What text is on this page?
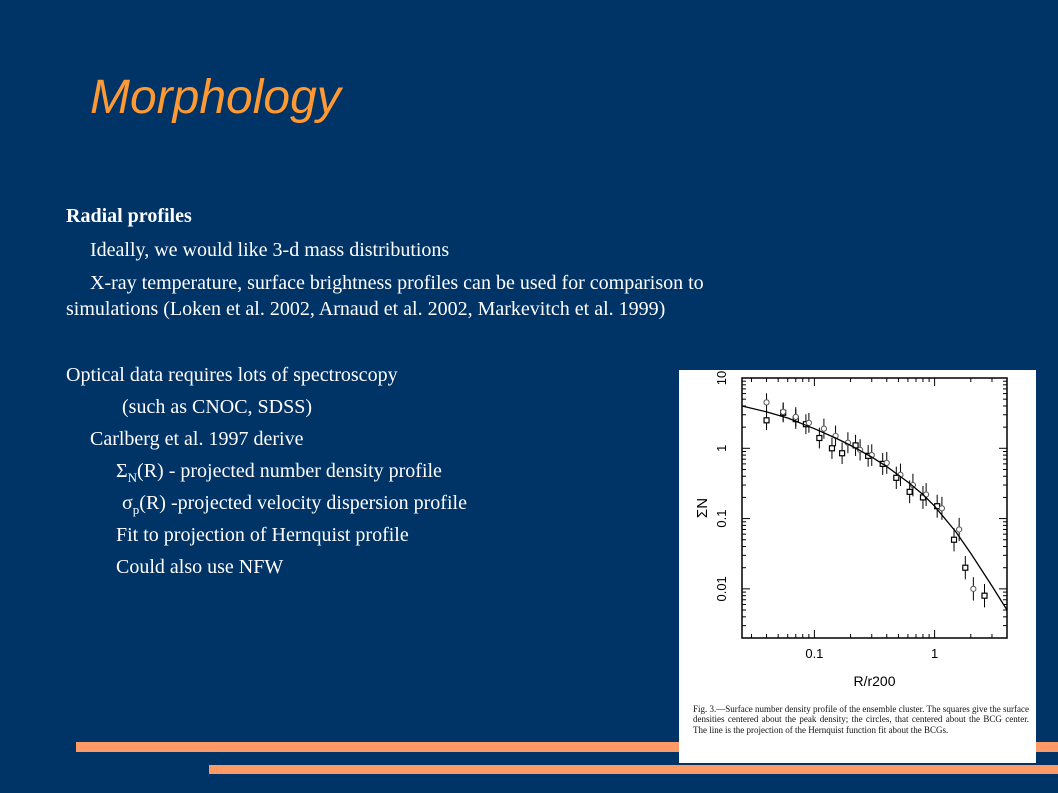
Morphology
Radial profiles
Ideally, we would like 3-d mass distributions
X-ray temperature, surface brightness profiles can be used for comparison to
simulations (Loken et al. 2002, Arnaud et al. 2002, Markevitch et al. 1999)
Optical data requires lots of spectroscopy
(such as CNOC, SDSS)
Carlberg et al. 1997 derive
$\Sigma_N(R)$ - projected number density profile
$\sigma_p(R)$ -projected velocity dispersion profile
Fit to projection of Hernquist profile
Could also use NFW
0.01
0.1
1
10
0.1	1
R/r200
ΣN
Fig. 3.—Surface number density profile of the ensemble cluster. The squares give the surface densities centered about the peak density; the circles, that centered about the BCG center. The line is the projection of the Hernquist function fit about the BCGs.
